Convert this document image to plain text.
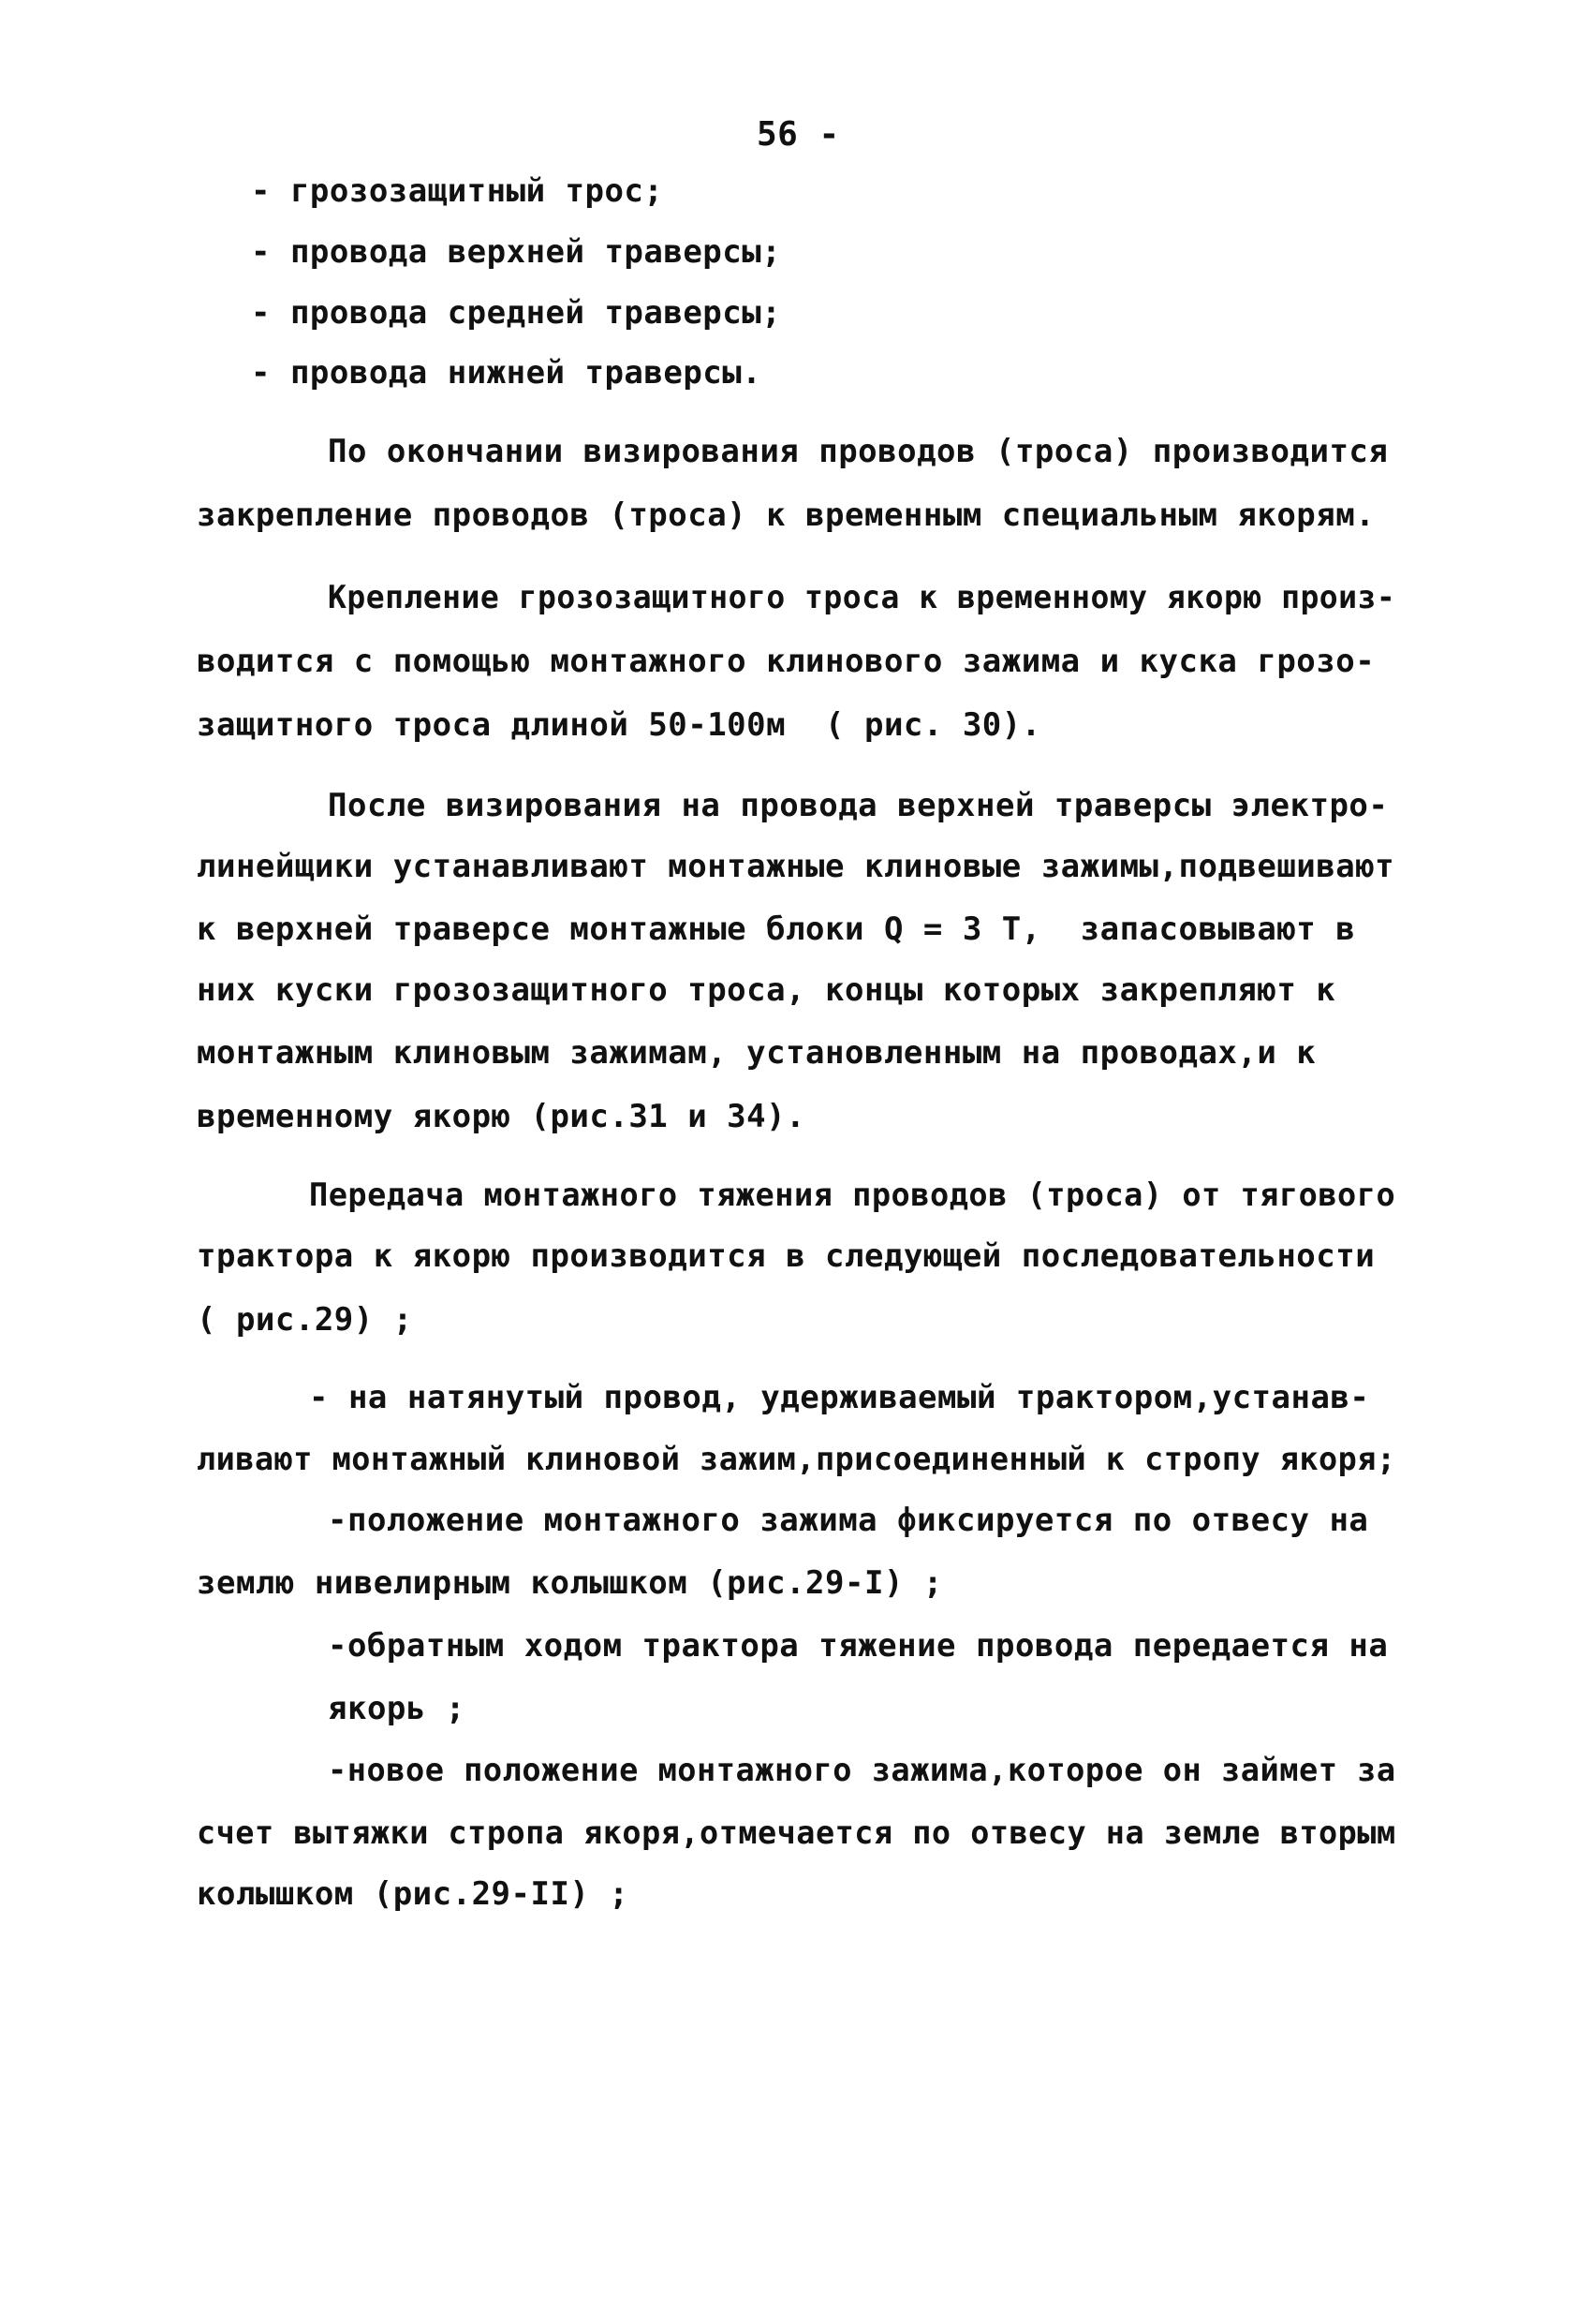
56 -
- грозозащитный трос;
- провода верхней траверсы;
- провода средней траверсы;
- провода нижней траверсы.
По окончании визирования проводов (троса) производится
закрепление проводов (троса) к временным специальным якорям.
Крепление грозозащитного троса к временному якорю произ-
водится с помощью монтажного клинового зажима и куска грозо-
защитного троса длиной 50-100м  ( рис. 30).
После визирования на провода верхней траверсы электро-
линейщики устанавливают монтажные клиновые зажимы,подвешивают
к верхней траверсе монтажные блоки Q = 3 Т,  запасовывают в
них куски грозозащитного троса, концы которых закрепляют к
монтажным клиновым зажимам, установленным на проводах,и к
временному якорю (рис.31 и 34).
Передача монтажного тяжения проводов (троса) от тягового
трактора к якорю производится в следующей последовательности
( рис.29) ;
- на натянутый провод, удерживаемый трактором,устанав-
ливают монтажный клиновой зажим,присоединенный к стропу якоря;
-положение монтажного зажима фиксируется по отвесу на
землю нивелирным колышком (рис.29-I) ;
-обратным ходом трактора тяжение провода передается на
якорь ;
-новое положение монтажного зажима,которое он займет за
счет вытяжки стропа якоря,отмечается по отвесу на земле вторым
колышком (рис.29-II) ;
